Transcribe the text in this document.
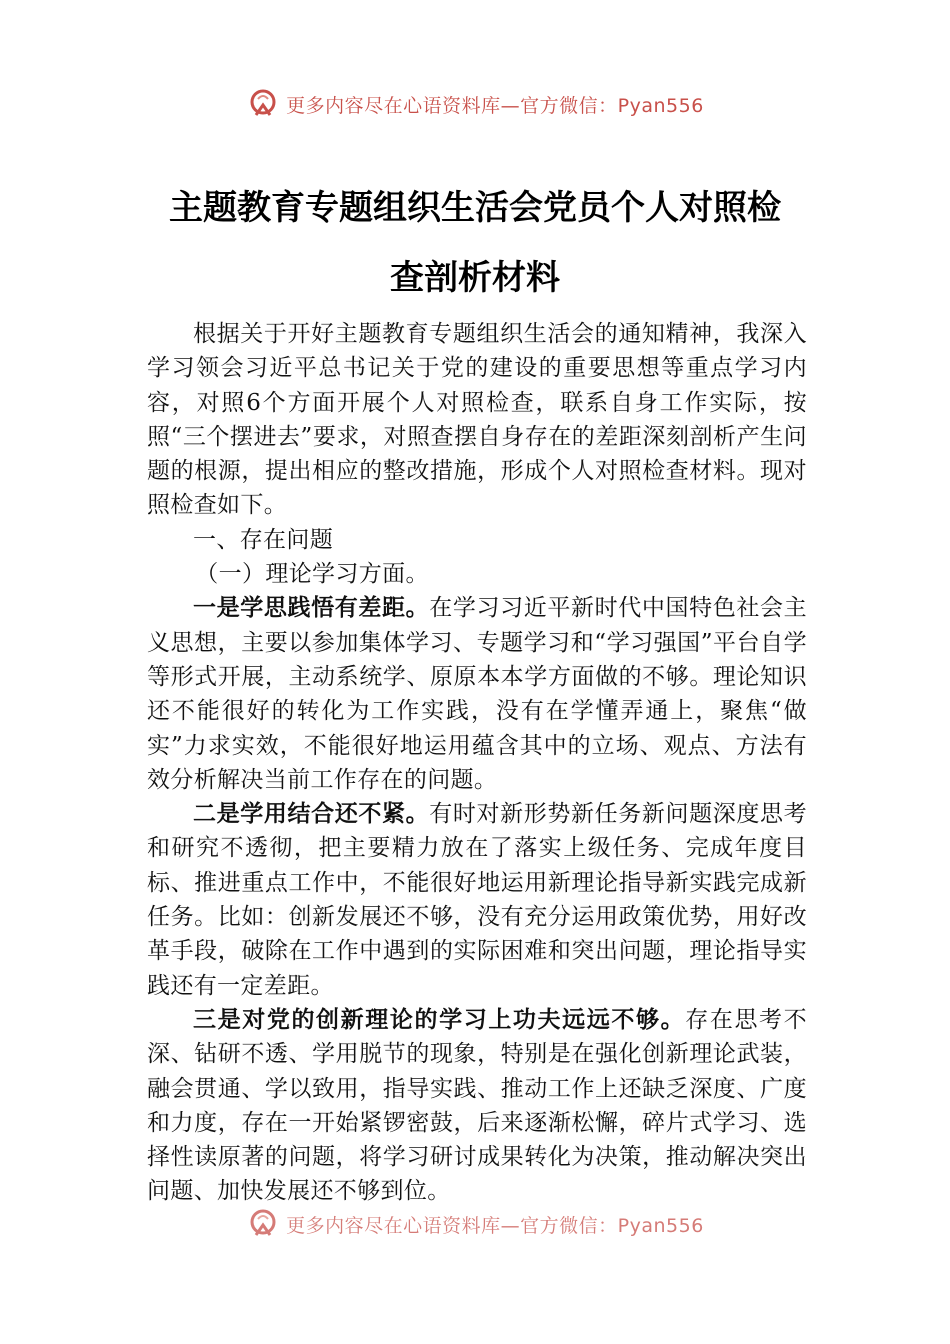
更多内容尽在心语资料库—官方微信：Pyan556
主题教育专题组织生活会党员个人对照检
查剖析材料

根据关于开好主题教育专题组织生活会的通知精神，我深入学习领会习近平总书记关于党的建设的重要思想等重点学习内容，对照6个方面开展个人对照检查，联系自身工作实际，按照“三个摆进去”要求，对照查摆自身存在的差距深刻剖析产生问题的根源，提出相应的整改措施，形成个人对照检查材料。现对照检查如下。

一、存在问题

（一）理论学习方面。

一是学思践悟有差距。在学习习近平新时代中国特色社会主义思想，主要以参加集体学习、专题学习和“学习强国”平台自学等形式开展，主动系统学、原原本本学方面做的不够。理论知识还不能很好的转化为工作实践，没有在学懂弄通上，聚焦“做实”力求实效，不能很好地运用蕴含其中的立场、观点、方法有效分析解决当前工作存在的问题。

二是学用结合还不紧。有时对新形势新任务新问题深度思考和研究不透彻，把主要精力放在了落实上级任务、完成年度目标、推进重点工作中，不能很好地运用新理论指导新实践完成新任务。比如：创新发展还不够，没有充分运用政策优势，用好改革手段，破除在工作中遇到的实际困难和突出问题，理论指导实践还有一定差距。

三是对党的创新理论的学习上功夫远远不够。存在思考不深、钻研不透、学用脱节的现象，特别是在强化创新理论武装，融会贯通、学以致用，指导实践、推动工作上还缺乏深度、广度和力度，存在一开始紧锣密鼓，后来逐渐松懈，碎片式学习、选择性读原著的问题，将学习研讨成果转化为决策，推动解决突出问题、加快发展还不够到位。

更多内容尽在心语资料库—官方微信：Pyan556
